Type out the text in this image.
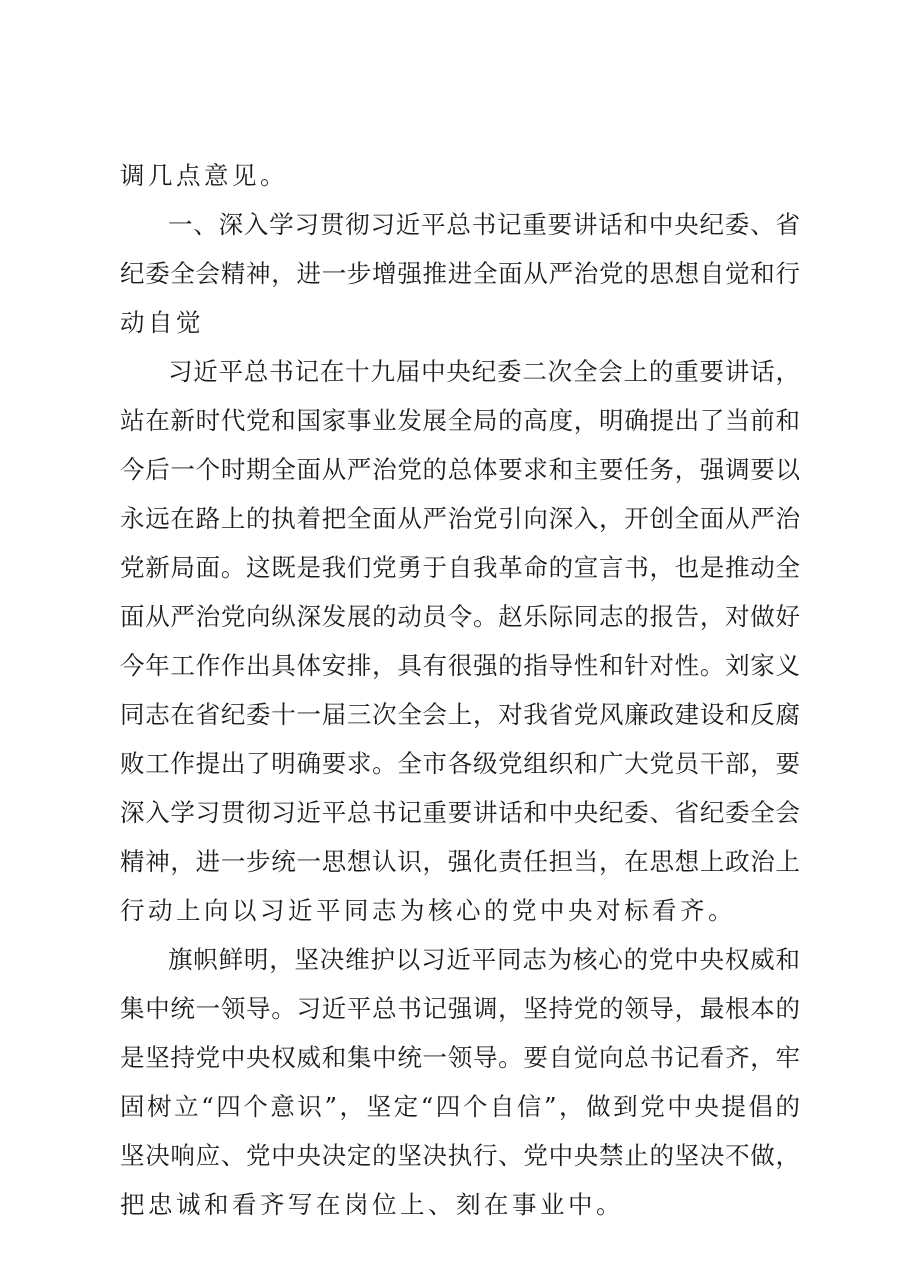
调几点意见。
一、深入学习贯彻习近平总书记重要讲话和中央纪委、省
纪委全会精神，进一步增强推进全面从严治党的思想自觉和行
动自觉
习近平总书记在十九届中央纪委二次全会上的重要讲话，
站在新时代党和国家事业发展全局的高度，明确提出了当前和
今后一个时期全面从严治党的总体要求和主要任务，强调要以
永远在路上的执着把全面从严治党引向深入，开创全面从严治
党新局面。这既是我们党勇于自我革命的宣言书，也是推动全
面从严治党向纵深发展的动员令。赵乐际同志的报告，对做好
今年工作作出具体安排，具有很强的指导性和针对性。刘家义
同志在省纪委十一届三次全会上，对我省党风廉政建设和反腐
败工作提出了明确要求。全市各级党组织和广大党员干部，要
深入学习贯彻习近平总书记重要讲话和中央纪委、省纪委全会
精神，进一步统一思想认识，强化责任担当，在思想上政治上
行动上向以习近平同志为核心的党中央对标看齐。
旗帜鲜明，坚决维护以习近平同志为核心的党中央权威和
集中统一领导。习近平总书记强调，坚持党的领导，最根本的
是坚持党中央权威和集中统一领导。要自觉向总书记看齐，牢
固树立“四个意识”，坚定“四个自信”，做到党中央提倡的
坚决响应、党中央决定的坚决执行、党中央禁止的坚决不做，
把忠诚和看齐写在岗位上、刻在事业中。
